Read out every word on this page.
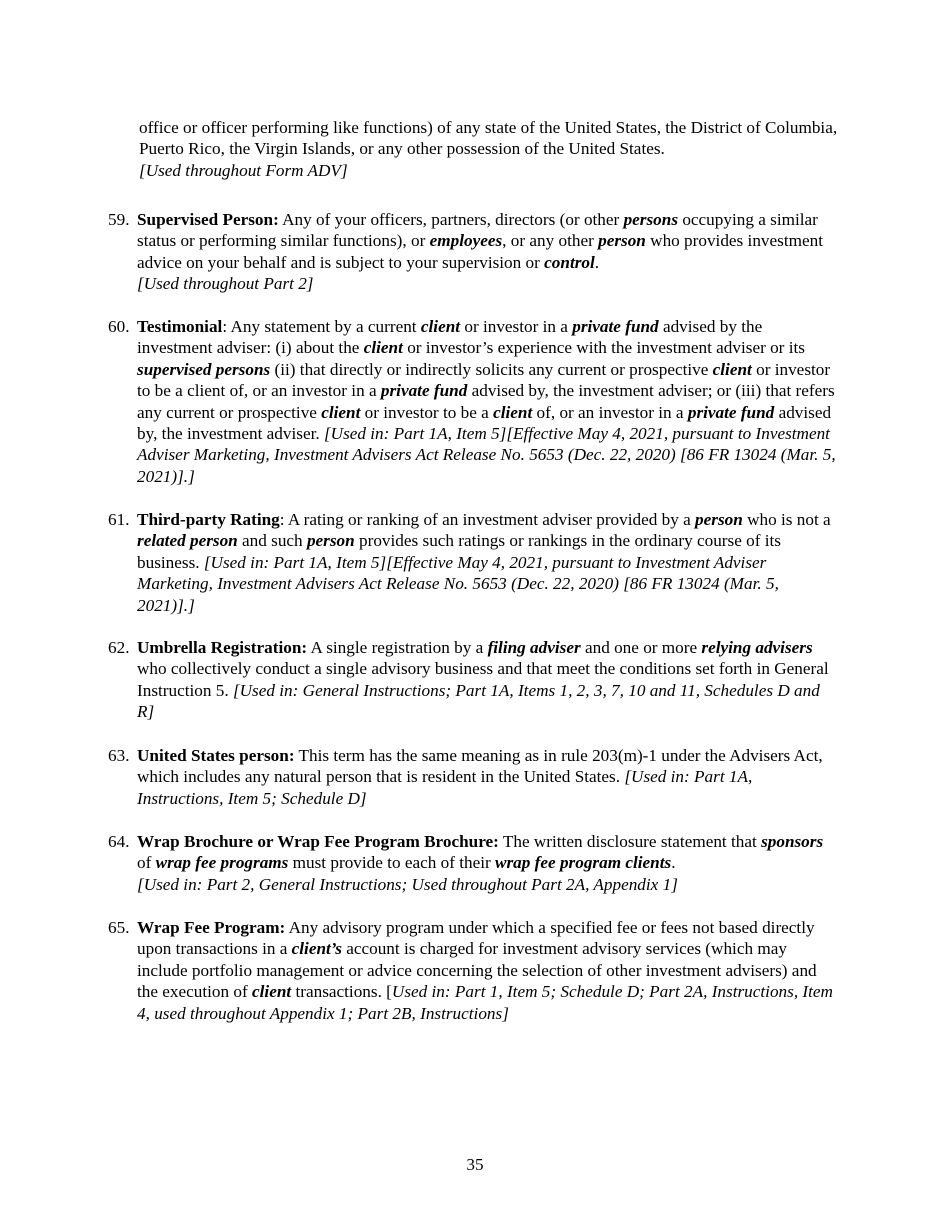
office or officer performing like functions) of any state of the United States, the District of Columbia, Puerto Rico, the Virgin Islands, or any other possession of the United States.
[Used throughout Form ADV]
59. Supervised Person: Any of your officers, partners, directors (or other persons occupying a similar status or performing similar functions), or employees, or any other person who provides investment advice on your behalf and is subject to your supervision or control.
[Used throughout Part 2]
60. Testimonial: Any statement by a current client or investor in a private fund advised by the investment adviser: (i) about the client or investor’s experience with the investment adviser or its supervised persons (ii) that directly or indirectly solicits any current or prospective client or investor to be a client of, or an investor in a private fund advised by, the investment adviser; or (iii) that refers any current or prospective client or investor to be a client of, or an investor in a private fund advised by, the investment adviser. [Used in: Part 1A, Item 5][Effective May 4, 2021, pursuant to Investment Adviser Marketing, Investment Advisers Act Release No. 5653 (Dec. 22, 2020) [86 FR 13024 (Mar. 5, 2021)].]
61. Third-party Rating: A rating or ranking of an investment adviser provided by a person who is not a related person and such person provides such ratings or rankings in the ordinary course of its business. [Used in: Part 1A, Item 5][Effective May 4, 2021, pursuant to Investment Adviser Marketing, Investment Advisers Act Release No. 5653 (Dec. 22, 2020) [86 FR 13024 (Mar. 5, 2021)].]
62. Umbrella Registration: A single registration by a filing adviser and one or more relying advisers who collectively conduct a single advisory business and that meet the conditions set forth in General Instruction 5. [Used in: General Instructions; Part 1A, Items 1, 2, 3, 7, 10 and 11, Schedules D and R]
63. United States person: This term has the same meaning as in rule 203(m)-1 under the Advisers Act, which includes any natural person that is resident in the United States. [Used in: Part 1A, Instructions, Item 5; Schedule D]
64. Wrap Brochure or Wrap Fee Program Brochure: The written disclosure statement that sponsors of wrap fee programs must provide to each of their wrap fee program clients.
[Used in: Part 2, General Instructions; Used throughout Part 2A, Appendix 1]
65. Wrap Fee Program: Any advisory program under which a specified fee or fees not based directly upon transactions in a client’s account is charged for investment advisory services (which may include portfolio management or advice concerning the selection of other investment advisers) and the execution of client transactions. [Used in: Part 1, Item 5; Schedule D; Part 2A, Instructions, Item 4, used throughout Appendix 1; Part 2B, Instructions]
35
